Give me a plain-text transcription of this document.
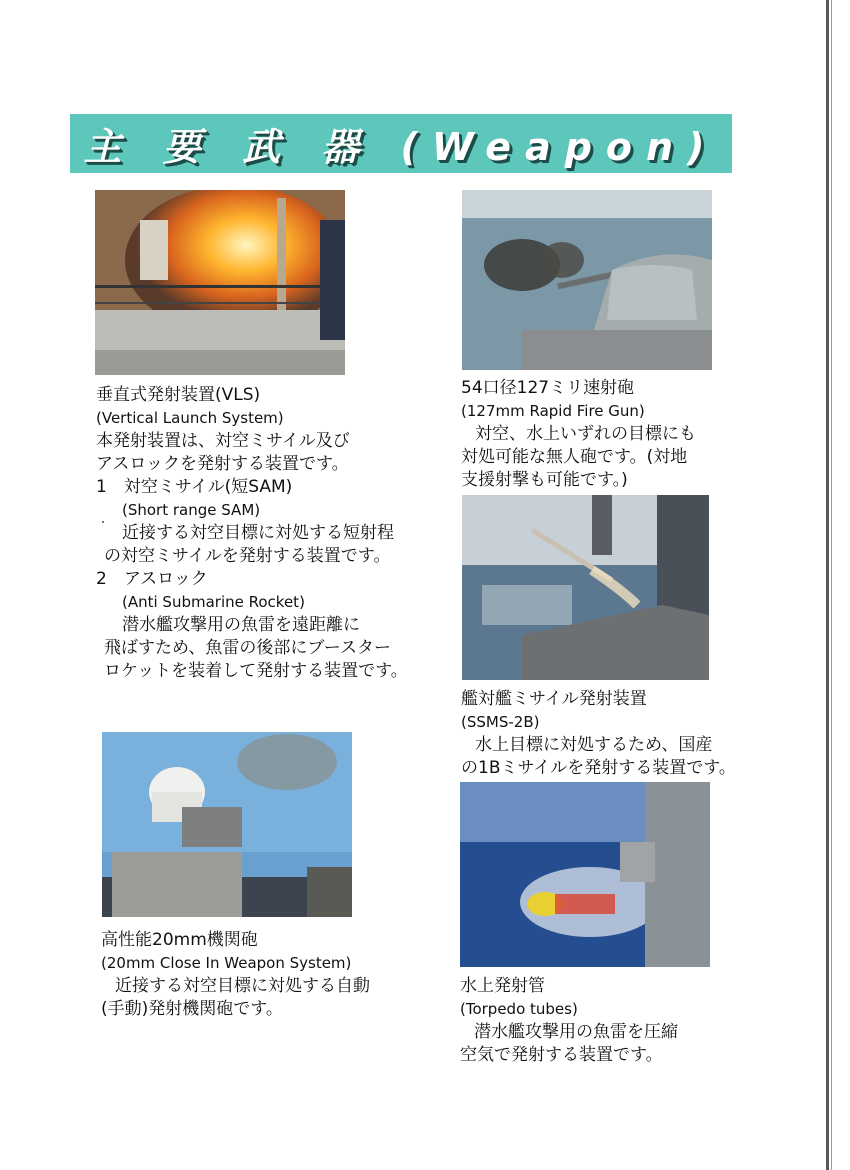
主 要 武 器 (Weapon)
垂直式発射装置(VLS)
(Vertical Launch System)
本発射装置は、対空ミサイル及び
アスロックを発射する装置です。
1　対空ミサイル(短SAM)
(Short range SAM)
近接する対空目標に対処する短射程
の対空ミサイルを発射する装置です。
2　アスロック
(Anti Submarine Rocket)
潜水艦攻撃用の魚雷を遠距離に
飛ばすため、魚雷の後部にブースター
ロケットを装着して発射する装置です。
54口径127ミリ速射砲
(127mm Rapid Fire Gun)
対空、水上いずれの目標にも
対処可能な無人砲です。(対地
支援射撃も可能です。)
艦対艦ミサイル発射装置
(SSMS-2B)
水上目標に対処するため、国産
の1Bミサイルを発射する装置です。
高性能20mm機関砲
(20mm Close In Weapon System)
近接する対空目標に対処する自動
(手動)発射機関砲です。
水上発射管
(Torpedo tubes)
潜水艦攻撃用の魚雷を圧縮
空気で発射する装置です。
